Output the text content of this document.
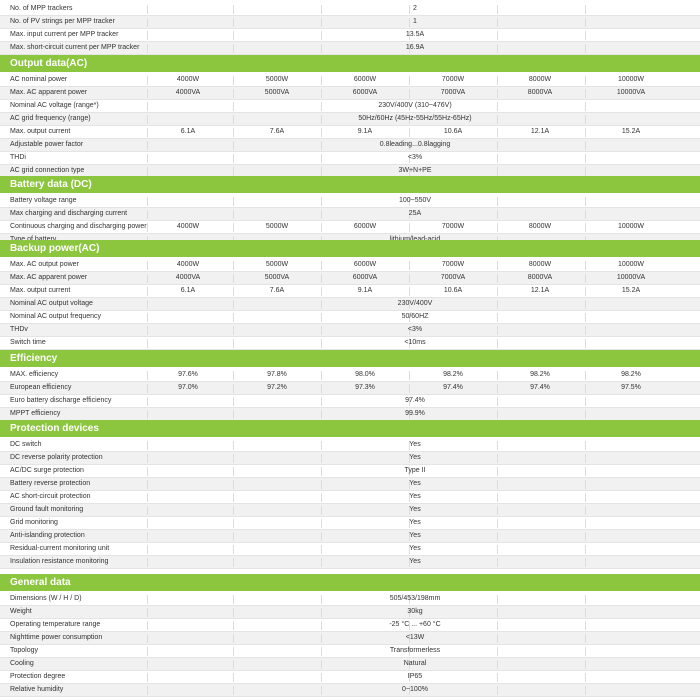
No. of MPP trackers	2
No. of PV strings per MPP tracker	1
Max. input current per MPP tracker	13.5A
Max. short-circuit current per MPP tracker	16.9A
Output data(AC)
AC nominal power	4000W	5000W	6000W	7000W	8000W	10000W
Max. AC apparent power	4000VA	5000VA	6000VA	7000VA	8000VA	10000VA
Nominal AC voltage (range*)	230V/400V (310~476V)
AC grid frequency (range)	50Hz/60Hz (45Hz-55Hz/55Hz-65Hz)
Max. output current	6.1A	7.6A	9.1A	10.6A	12.1A	15.2A
Adjustable power factor	0.8leading...0.8lagging
THDi	<3%
AC grid connection type	3W+N+PE
Battery data (DC)
Battery voltage range	100~550V
Max charging and discharging current	25A
Continuous charging and discharging power	4000W	5000W	6000W	7000W	8000W	10000W
Backup power(AC)
Max. AC output power	4000W	5000W	6000W	7000W	8000W	10000W
Max. AC apparent power	4000VA	5000VA	6000VA	7000VA	8000VA	10000VA
Max. output current	6.1A	7.6A	9.1A	10.6A	12.1A	15.2A
Nominal AC output voltage	230V/400V
Nominal AC output frequency	50/60HZ
THDv	<3%
Switch time	<10ms
Efficiency
MAX. efficiency	97.6%	97.8%	98.0%	98.2%	98.2%	98.2%
European efficiency	97.0%	97.2%	97.3%	97.4%	97.4%	97.5%
Euro battery discharge efficiency	97.4%
MPPT efficiency	99.9%
Protection devices
DC switch	Yes
DC reverse polarity protection	Yes
AC/DC surge protection	Type II
Battery reverse protection	Yes
AC short-circuit protection	Yes
Ground fault monitoring	Yes
Grid monitoring	Yes
Anti-islanding protection	Yes
Residual-current monitoring unit	Yes
Insulation resistance monitoring	Yes
General data
Dimensions (W / H / D)	505/453/198mm
Weight	30kg
Operating temperature range	-25 °C ... +60 °C
Nighttime power consumption	<13W
Topology	Transformerless
Cooling	Natural
Protection degree	IP65
Relative humidity	0~100%
